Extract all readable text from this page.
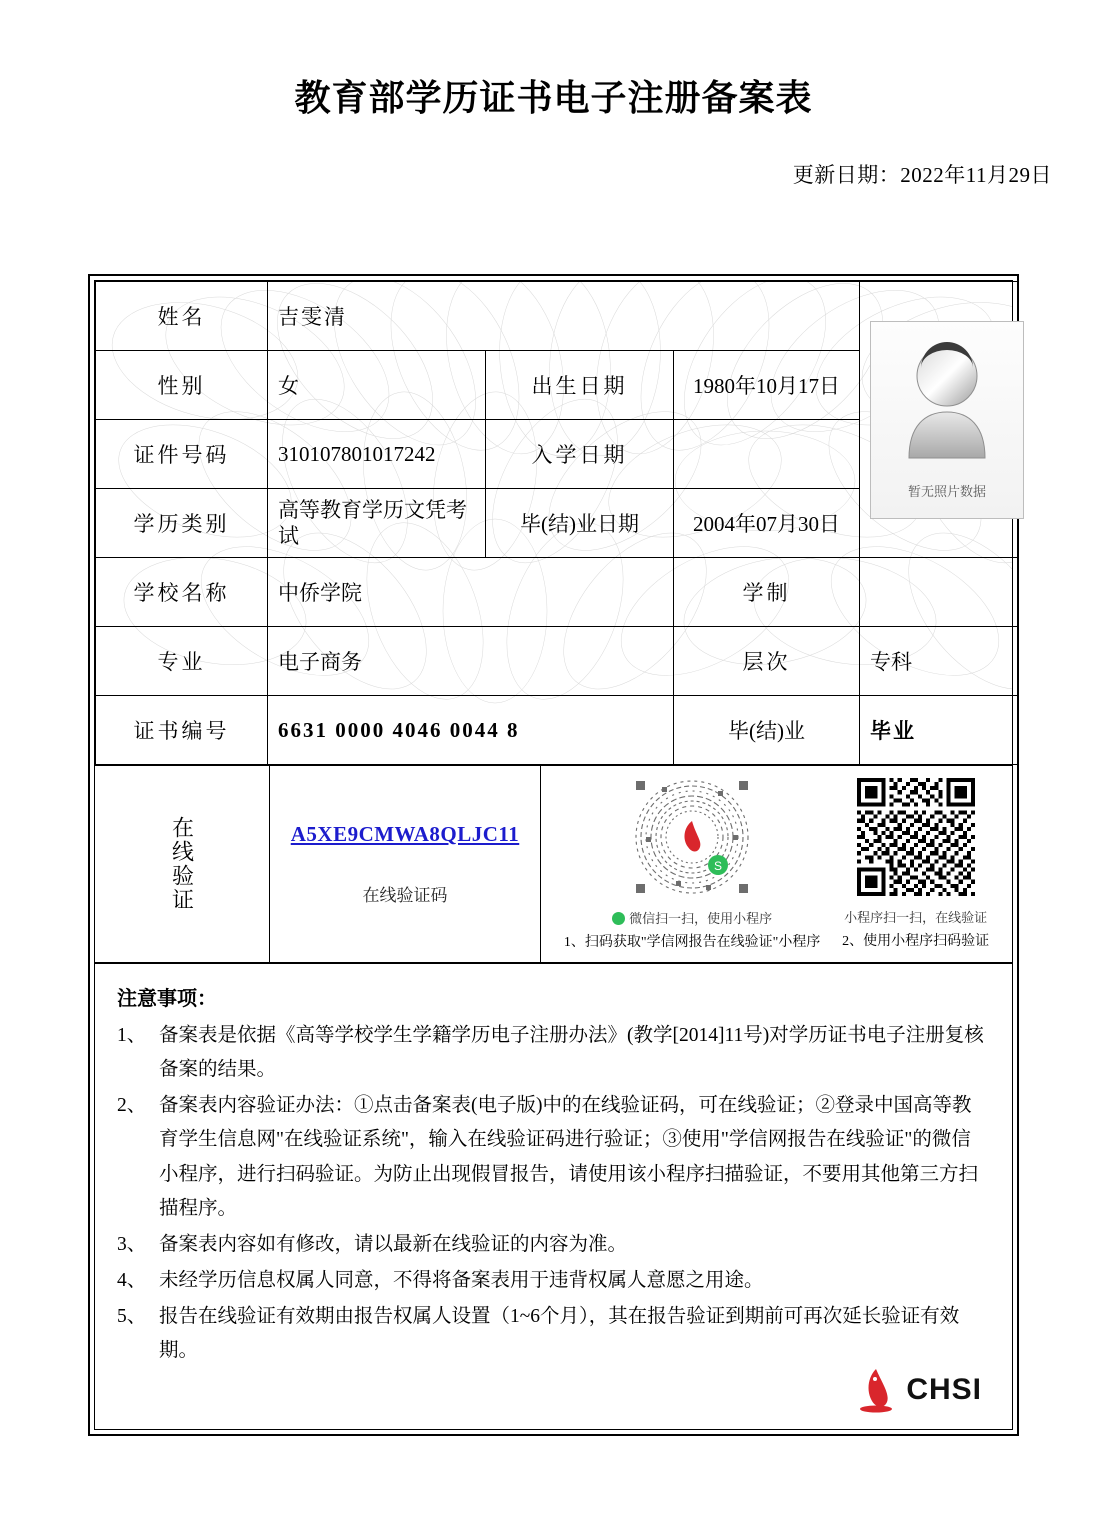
教育部学历证书电子注册备案表
更新日期：2022年11月29日
姓名	吉雯清			暂无照片数据

性别	女	出生日期	1980年10月17日	
证件号码	310107801017242	入学日期		
学历类别	高等教育学历文凭考试	毕(结)业日期	2004年07月30日	
学校名称	中侨学院		学制	
专业	电子商务		层次	专科
证书编号	6631 0000 4046 0044 8		毕(结)业	毕业
在线验证	A5XE9CMWA8QLJC11
在线验证码
S
微信扫一扫，使用小程序
1、扫码获取"学信网报告在线验证"小程序
小程序扫一扫，在线验证
2、使用小程序扫码验证
注意事项：
1、 备案表是依据《高等学校学生学籍学历电子注册办法》(教学[2014]11号)对学历证书电子注册复核备案的结果。
2、 备案表内容验证办法：①点击备案表(电子版)中的在线验证码，可在线验证；②登录中国高等教育学生信息网"在线验证系统"，输入在线验证码进行验证；③使用"学信网报告在线验证"的微信小程序，进行扫码验证。为防止出现假冒报告，请使用该小程序扫描验证，不要用其他第三方扫描程序。
3、 备案表内容如有修改，请以最新在线验证的内容为准。
4、 未经学历信息权属人同意，不得将备案表用于违背权属人意愿之用途。
5、 报告在线验证有效期由报告权属人设置（1~6个月），其在报告验证到期前可再次延长验证有效期。
CHSI
